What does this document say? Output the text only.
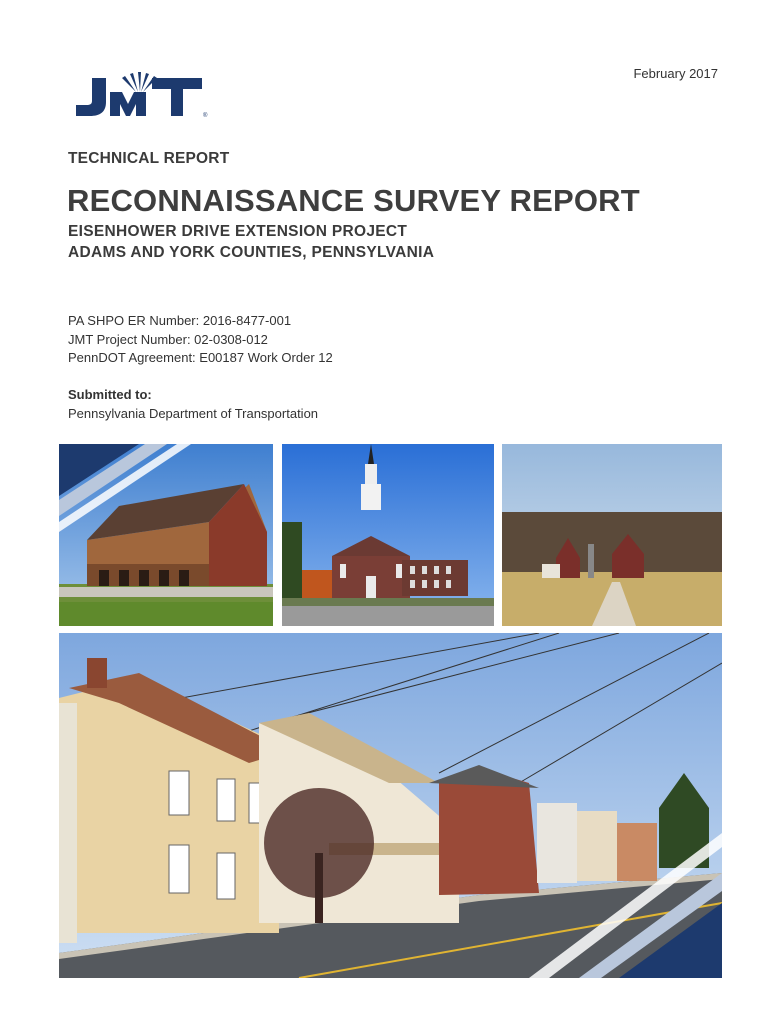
®
February 2017
TECHNICAL REPORT
RECONNAISSANCE SURVEY REPORT
EISENHOWER DRIVE EXTENSION PROJECT
ADAMS AND YORK COUNTIES, PENNSYLVANIA
PA SHPO ER Number: 2016-8477-001
JMT Project Number: 02-0308-012
PennDOT Agreement: E00187 Work Order 12
Submitted to:
Pennsylvania Department of Transportation
